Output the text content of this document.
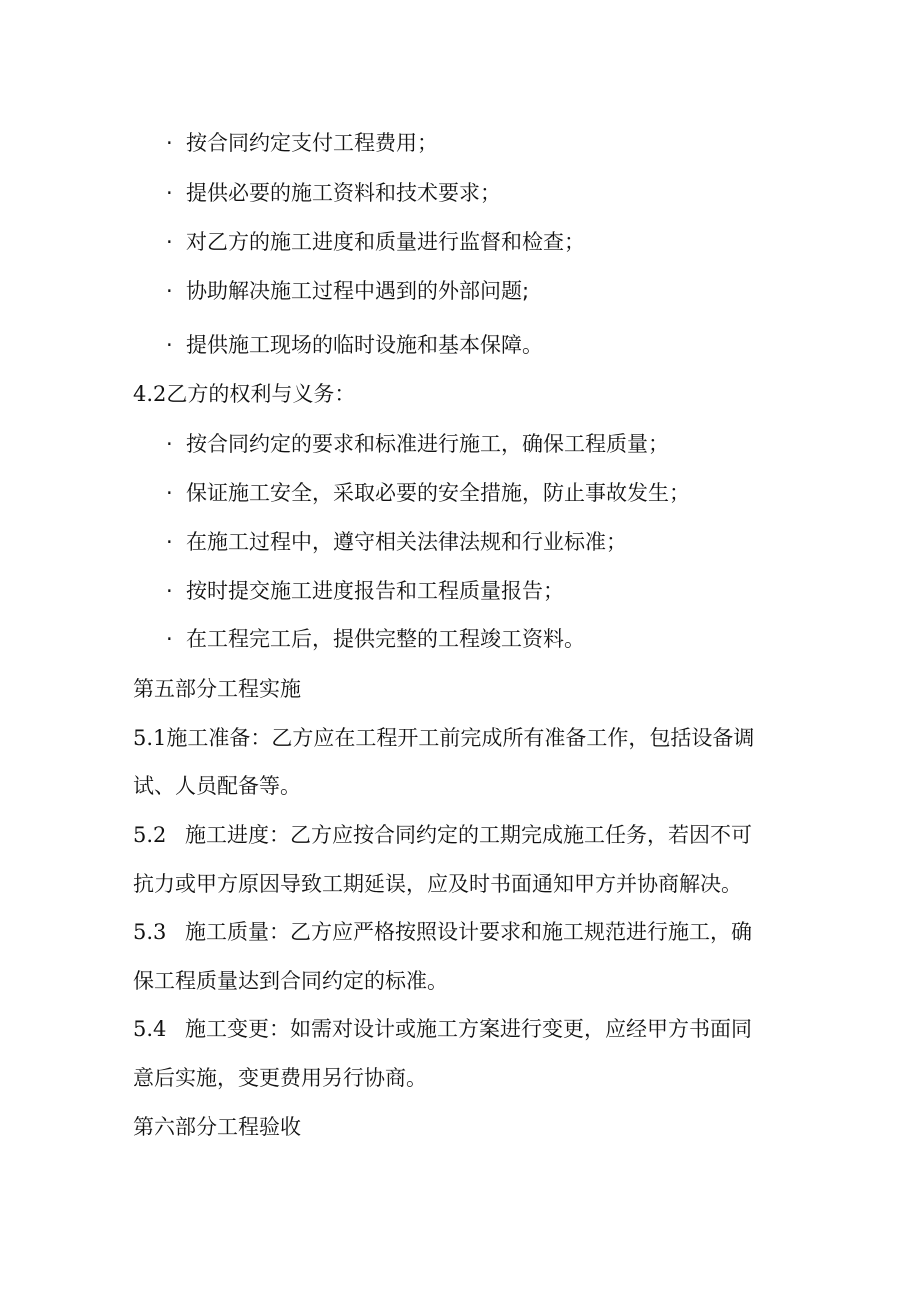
· 按合同约定支付工程费用；
· 提供必要的施工资料和技术要求；
· 对乙方的施工进度和质量进行监督和检查；
· 协助解决施工过程中遇到的外部问题;
· 提供施工现场的临时设施和基本保障。
4.2乙方的权利与义务：
· 按合同约定的要求和标准进行施工，确保工程质量；
· 保证施工安全，采取必要的安全措施，防止事故发生；
· 在施工过程中，遵守相关法律法规和行业标准；
· 按时提交施工进度报告和工程质量报告；
· 在工程完工后，提供完整的工程竣工资料。
第五部分工程实施
5.1施工准备：乙方应在工程开工前完成所有准备工作，包括设备调
试、人员配备等。
5.2 施工进度：乙方应按合同约定的工期完成施工任务，若因不可
抗力或甲方原因导致工期延误，应及时书面通知甲方并协商解决。
5.3 施工质量：乙方应严格按照设计要求和施工规范进行施工，确
保工程质量达到合同约定的标准。
5.4 施工变更：如需对设计或施工方案进行变更，应经甲方书面同
意后实施，变更费用另行协商。
第六部分工程验收
